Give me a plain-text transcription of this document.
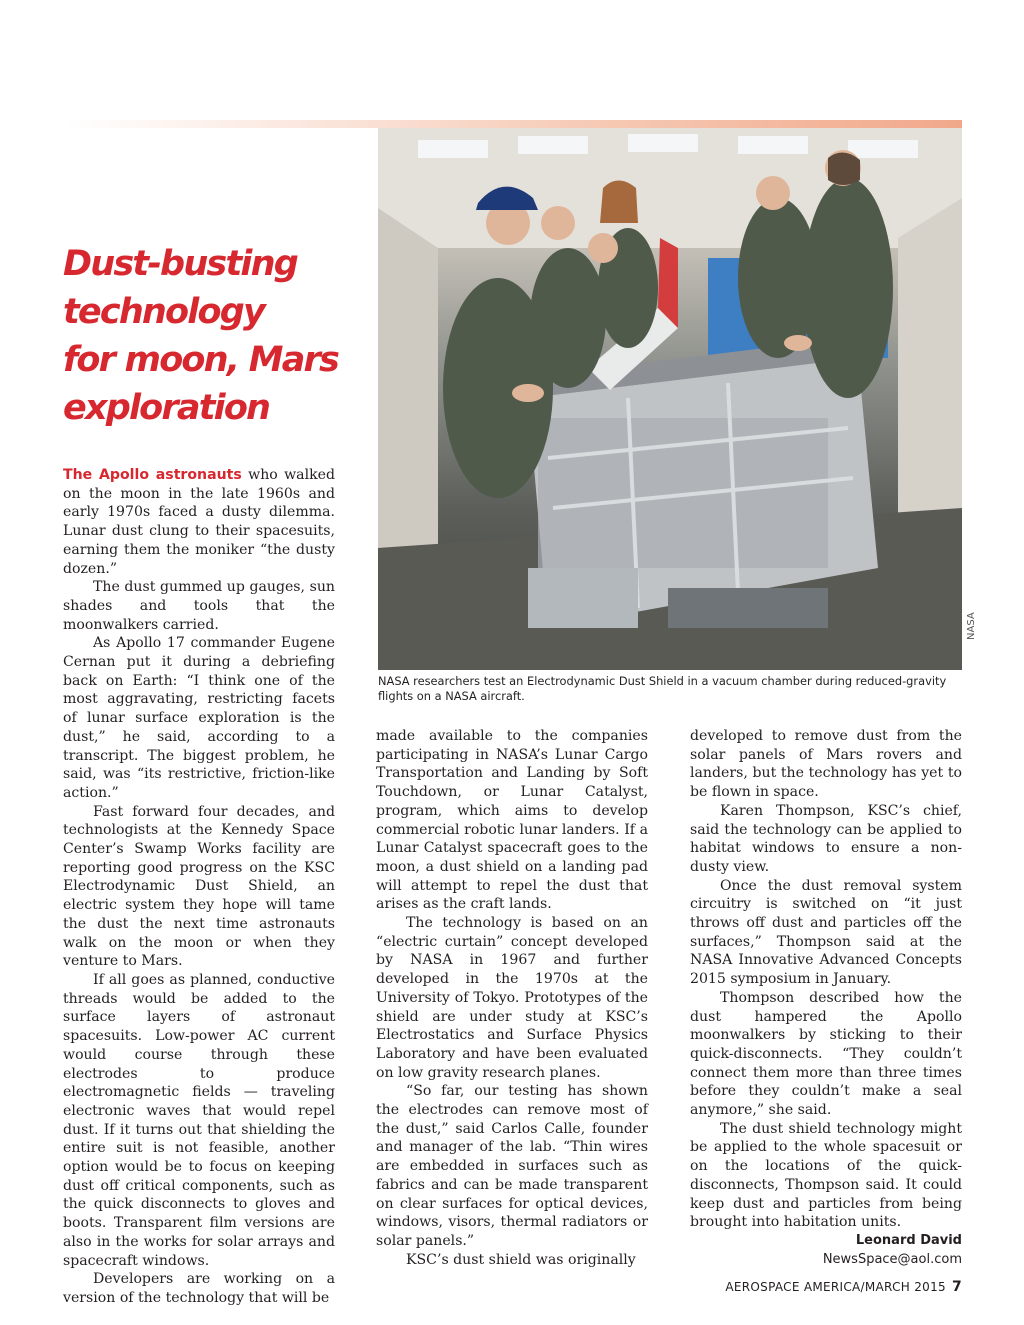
Dust-busting
technology
for moon, Mars
exploration
NASA
NASA researchers test an Electrodynamic Dust Shield in a vacuum chamber during reduced-gravity flights on a NASA aircraft.

The Apollo astronauts who walked on the moon in the late 1960s and early 1970s faced a dusty dilemma. Lunar dust clung to their spacesuits, earning them the moniker “the dusty dozen.”

The dust gummed up gauges, sun shades and tools that the moonwalkers carried.

As Apollo 17 commander Eugene Cernan put it during a debriefing back on Earth: “I think one of the most aggravating, restricting facets of lunar surface exploration is the dust,” he said, according to a transcript. The biggest problem, he said, was “its restrictive, friction-like action.”

Fast forward four decades, and technologists at the Kennedy Space Center’s Swamp Works facility are reporting good progress on the KSC Electrodynamic Dust Shield, an electric system they hope will tame the dust the next time astronauts walk on the moon or when they venture to Mars.

If all goes as planned, conductive threads would be added to the surface layers of astronaut spacesuits. Low-power AC current would course through these electrodes to produce electromagnetic fields — traveling electronic waves that would repel dust. If it turns out that shielding the entire suit is not feasible, another option would be to focus on keeping dust off critical components, such as the quick disconnects to gloves and boots. Transparent film versions are also in the works for solar arrays and spacecraft windows.

Developers are working on a version of the technology that will be

made available to the companies participating in NASA’s Lunar Cargo Transportation and Landing by Soft Touchdown, or Lunar Catalyst, program, which aims to develop commercial robotic lunar landers. If a Lunar Catalyst spacecraft goes to the moon, a dust shield on a landing pad will attempt to repel the dust that arises as the craft lands.

The technology is based on an “electric curtain” concept developed by NASA in 1967 and further developed in the 1970s at the University of Tokyo. Prototypes of the shield are under study at KSC’s Electrostatics and Surface Physics Laboratory and have been evaluated on low gravity research planes.

“So far, our testing has shown the electrodes can remove most of the dust,” said Carlos Calle, founder and manager of the lab. “Thin wires are embedded in surfaces such as fabrics and can be made transparent on clear surfaces for optical devices, windows, visors, thermal radiators or solar panels.”

KSC’s dust shield was originally

developed to remove dust from the solar panels of Mars rovers and landers, but the technology has yet to be flown in space.

Karen Thompson, KSC’s chief, said the technology can be applied to habitat windows to ensure a non-dusty view.

Once the dust removal system circuitry is switched on “it just throws off dust and particles off the surfaces,” Thompson said at the NASA Innovative Advanced Concepts 2015 symposium in January.

Thompson described how the dust hampered the Apollo moonwalkers by sticking to their quick-disconnects. “They couldn’t connect them more than three times before they couldn’t make a seal anymore,” she said.

The dust shield technology might be applied to the whole spacesuit or on the locations of the quick-disconnects, Thompson said. It could keep dust and particles from being brought into habitation units.

Leonard David
NewsSpace@aol.com

AEROSPACE AMERICA/MARCH 2015 7
